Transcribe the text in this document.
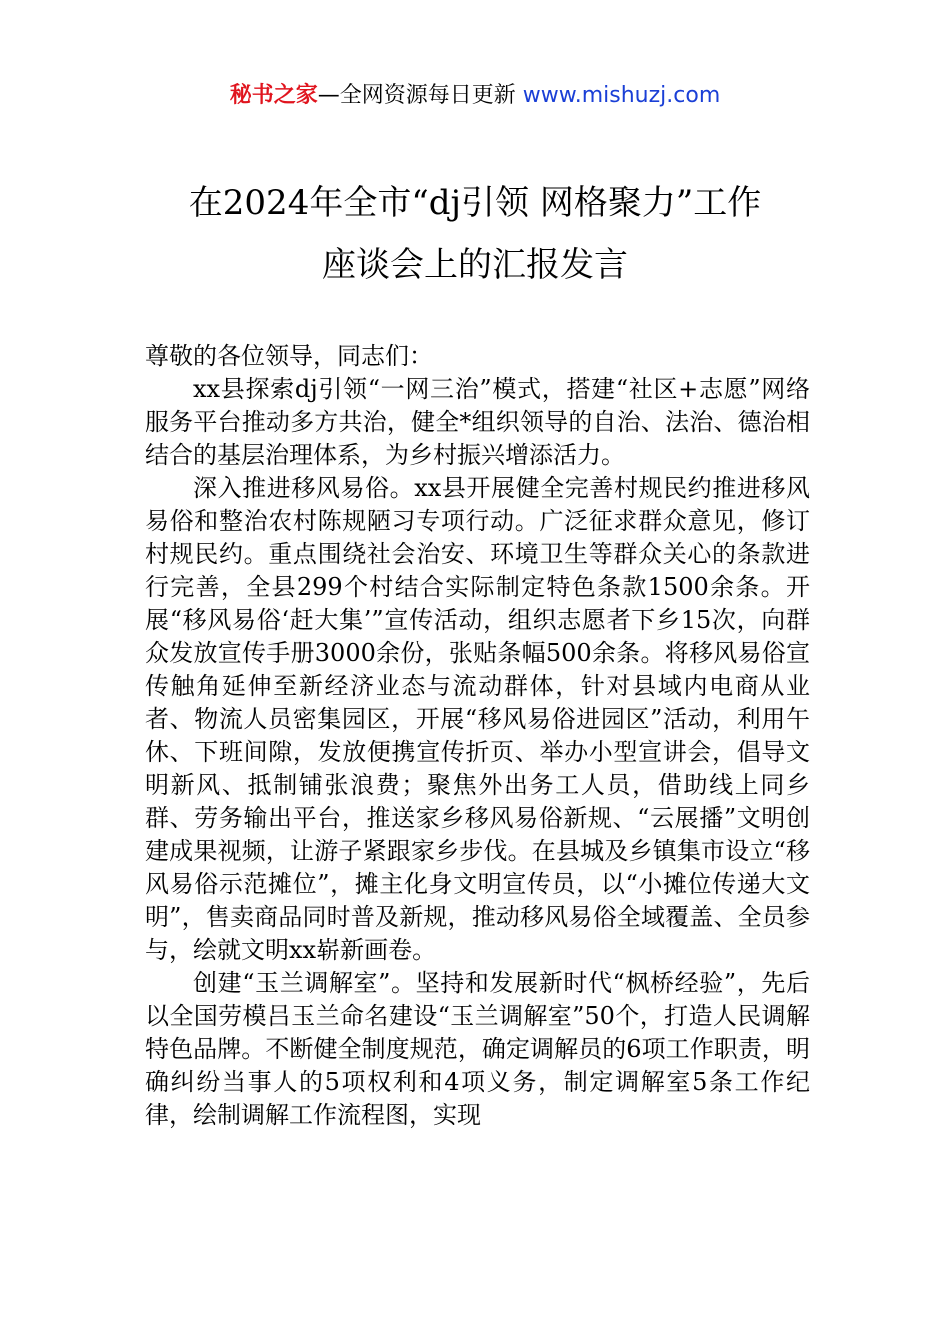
秘书之家—全网资源每日更新 www.mishuzj.com
在2024年全市“dj引领 网格聚力”工作
座谈会上的汇报发言

尊敬的各位领导，同志们：

xx县探索dj引领“一网三治”模式，搭建“社区+志愿”网络服务平台推动多方共治，健全*组织领导的自治、法治、德治相结合的基层治理体系，为乡村振兴增添活力。

深入推进移风易俗。xx县开展健全完善村规民约推进移风易俗和整治农村陈规陋习专项行动。广泛征求群众意见，修订村规民约。重点围绕社会治安、环境卫生等群众关心的条款进行完善，全县299个村结合实际制定特色条款1500余条。开展“移风易俗‘赶大集’”宣传活动，组织志愿者下乡15次，向群众发放宣传手册3000余份，张贴条幅500余条。将移风易俗宣传触角延伸至新经济业态与流动群体，针对县域内电商从业者、物流人员密集园区，开展“移风易俗进园区”活动，利用午休、下班间隙，发放便携宣传折页、举办小型宣讲会，倡导文明新风、抵制铺张浪费；聚焦外出务工人员，借助线上同乡群、劳务输出平台，推送家乡移风易俗新规、“云展播”文明创建成果视频，让游子紧跟家乡步伐。在县城及乡镇集市设立“移风易俗示范摊位”，摊主化身文明宣传员，以“小摊位传递大文明”，售卖商品同时普及新规，推动移风易俗全域覆盖、全员参与，绘就文明xx崭新画卷。

创建“玉兰调解室”。坚持和发展新时代“枫桥经验”，先后以全国劳模吕玉兰命名建设“玉兰调解室”50个，打造人民调解特色品牌。不断健全制度规范，确定调解员的6项工作职责，明确纠纷当事人的5项权利和4项义务，制定调解室5条工作纪律，绘制调解工作流程图，实现
